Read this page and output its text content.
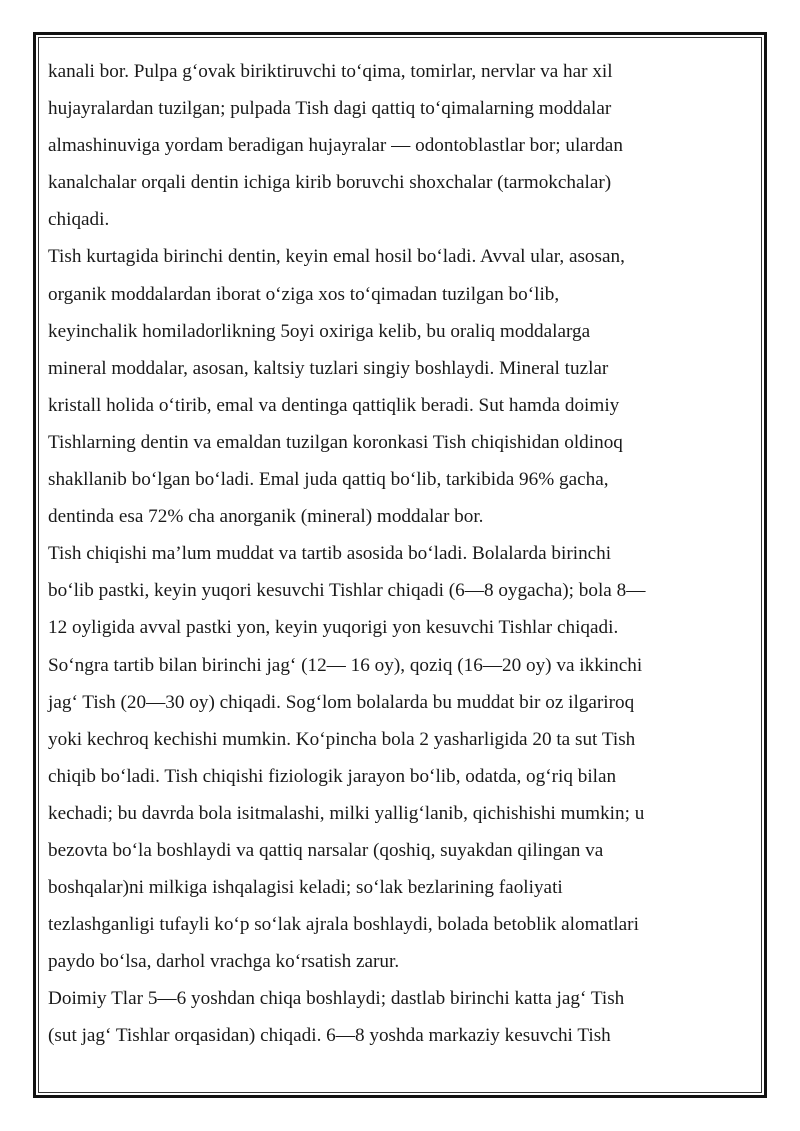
kanali bor. Pulpa g‘ovak biriktiruvchi to‘qima, tomirlar, nervlar va har xil
hujayralardan tuzilgan; pulpada Tish dagi qattiq to‘qimalarning moddalar
almashinuviga yordam beradigan hujayralar — odontoblastlar bor; ulardan
kanalchalar orqali dentin ichiga kirib boruvchi shoxchalar (tarmokchalar)
chiqadi.
Tish kurtagida birinchi dentin, keyin emal hosil bo‘ladi. Avval ular, asosan,
organik moddalardan iborat o‘ziga xos to‘qimadan tuzilgan bo‘lib,
keyinchalik homiladorlikning 5oyi oxiriga kelib, bu oraliq moddalarga
mineral moddalar, asosan, kaltsiy tuzlari singiy boshlaydi. Mineral tuzlar
kristall holida o‘tirib, emal va dentinga qattiqlik beradi. Sut hamda doimiy
Tishlarning dentin va emaldan tuzilgan koronkasi Tish chiqishidan oldinoq
shakllanib bo‘lgan bo‘ladi. Emal juda qattiq bo‘lib, tarkibida 96% gacha,
dentinda esa 72% cha anorganik (mineral) moddalar bor.
Tish chiqishi ma’lum muddat va tartib asosida bo‘ladi. Bolalarda birinchi
bo‘lib pastki, keyin yuqori kesuvchi Tishlar chiqadi (6—8 oygacha); bola 8—
12 oyligida avval pastki yon, keyin yuqorigi yon kesuvchi Tishlar chiqadi.
So‘ngra tartib bilan birinchi jag‘ (12— 16 oy), qoziq (16—20 oy) va ikkinchi
jag‘ Tish (20—30 oy) chiqadi. Sog‘lom bolalarda bu muddat bir oz ilgariroq
yoki kechroq kechishi mumkin. Ko‘pincha bola 2 yasharligida 20 ta sut Tish
chiqib bo‘ladi. Tish chiqishi fiziologik jarayon bo‘lib, odatda, og‘riq bilan
kechadi; bu davrda bola isitmalashi, milki yallig‘lanib, qichishishi mumkin; u
bezovta bo‘la boshlaydi va qattiq narsalar (qoshiq, suyakdan qilingan va
boshqalar)ni milkiga ishqalagisi keladi; so‘lak bezlarining faoliyati
tezlashganligi tufayli ko‘p so‘lak ajrala boshlaydi, bolada betoblik alomatlari
paydo bo‘lsa, darhol vrachga ko‘rsatish zarur.
Doimiy Tlar 5—6 yoshdan chiqa boshlaydi; dastlab birinchi katta jag‘ Tish
(sut jag‘ Tishlar orqasidan) chiqadi. 6—8 yoshda markaziy kesuvchi Tish
